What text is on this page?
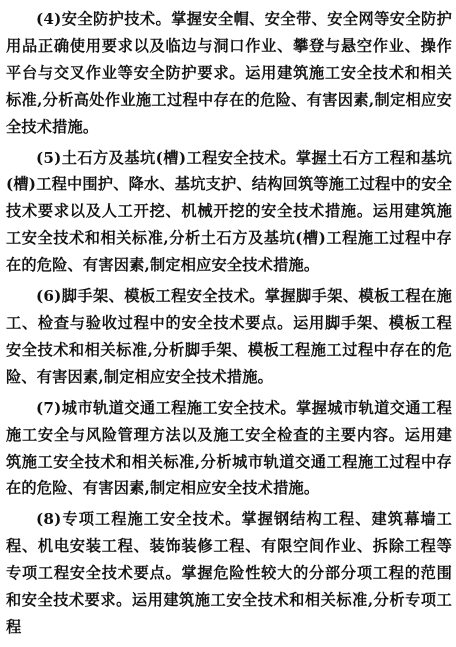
(4)安全防护技术。掌握安全帽、安全带、安全网等安全防护用品正确使用要求以及临边与洞口作业、攀登与悬空作业、操作平台与交叉作业等安全防护要求。运用建筑施工安全技术和相关标准,分析高处作业施工过程中存在的危险、有害因素,制定相应安全技术措施。

(5)土石方及基坑(槽)工程安全技术。掌握土石方工程和基坑(槽)工程中围护、降水、基坑支护、结构回筑等施工过程中的安全技术要求以及人工开挖、机械开挖的安全技术措施。运用建筑施工安全技术和相关标准,分析土石方及基坑(槽)工程施工过程中存在的危险、有害因素,制定相应安全技术措施。

(6)脚手架、模板工程安全技术。掌握脚手架、模板工程在施工、检查与验收过程中的安全技术要点。运用脚手架、模板工程安全技术和相关标准,分析脚手架、模板工程施工过程中存在的危险、有害因素,制定相应安全技术措施。

(7)城市轨道交通工程施工安全技术。掌握城市轨道交通工程施工安全与风险管理方法以及施工安全检查的主要内容。运用建筑施工安全技术和相关标准,分析城市轨道交通工程施工过程中存在的危险、有害因素,制定相应安全技术措施。

(8)专项工程施工安全技术。掌握钢结构工程、建筑幕墙工程、机电安装工程、装饰装修工程、有限空间作业、拆除工程等专项工程安全技术要点。掌握危险性较大的分部分项工程的范围和安全技术要求。运用建筑施工安全技术和相关标准,分析专项工程
